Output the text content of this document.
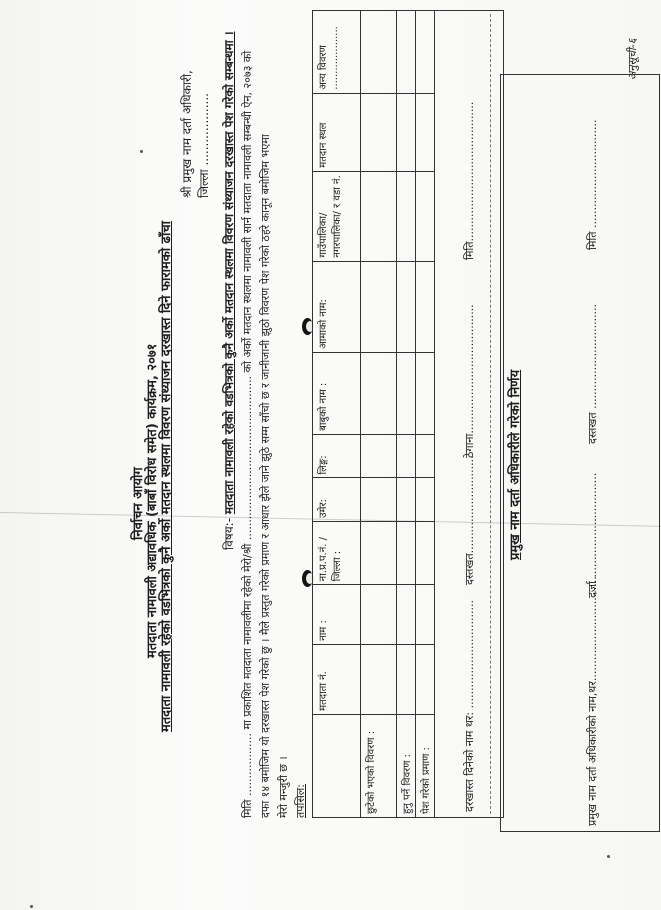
अनुसूची-६
निर्वाचन आयोग मतदाता नामावली अद्यावधिक (बाबाँ विरोध समेत) कार्यक्रम, २०७१ मतदाता नामावली रहेको वडभित्रको कुनै अर्को मतदान स्थलमा विवरण संथ्याजन दरखास्त दिने फारामको ढाँचा
श्री प्रमुख नाम दर्ता अधिकारी, जिल्ला ...................
विषय:- मतदाता नामावली रहेको वडभित्रको कुनै अर्को मतदान स्थलमा विवरण संथ्याजन दरखास्त पेश गरेको सम्बन्धमा । मिति .................. मा प्रकाशित मतदाता नामावलीमा रहेको मेरो/श्री ............................................... को अर्को मतदान स्थलमा नामावली सार्न मतदाता नामावली सम्बन्धी ऐन, २०७३ को दफा १४ बमोजिम यो दरखास्त पेश गरेको छु । मैले प्रस्तुत गरेको प्रमाण र आधार झैले जाने झुठे सम्म साँचो छ र जानीजानी झुठो विवरण पेश गरेको ठहरे कानून बमोजिम भएमा मेरो मन्जुरी छ । तपसिल:
	मतदाता नं.	नाम :	ना.प्र.प.नं. /जिल्ला :	उमेर:	लिङ्ग:	बाबुको नाम :	आमाको नाम:	गाउँपालिका/ नगरपालिका/ र वडा नं.	मतदान स्थल	अन्य विवरण ....................

छुटेको भएको विवरण :										
हुनु पर्ने विवरण :										
पेश गरेको प्रमाण :											दरखास्त दिनेको नाम थर: ...............................
दस्तखत............................
ठेगाना.....................................
मिति........................................
प्रमुख नाम दर्ता अधिकारीले गरेको निर्णय
प्रमुख नाम दर्ता अधिकारीको नाम,थर..............................
दर्जा ..............................
दस्तखत ..............................
मिति ...............................
